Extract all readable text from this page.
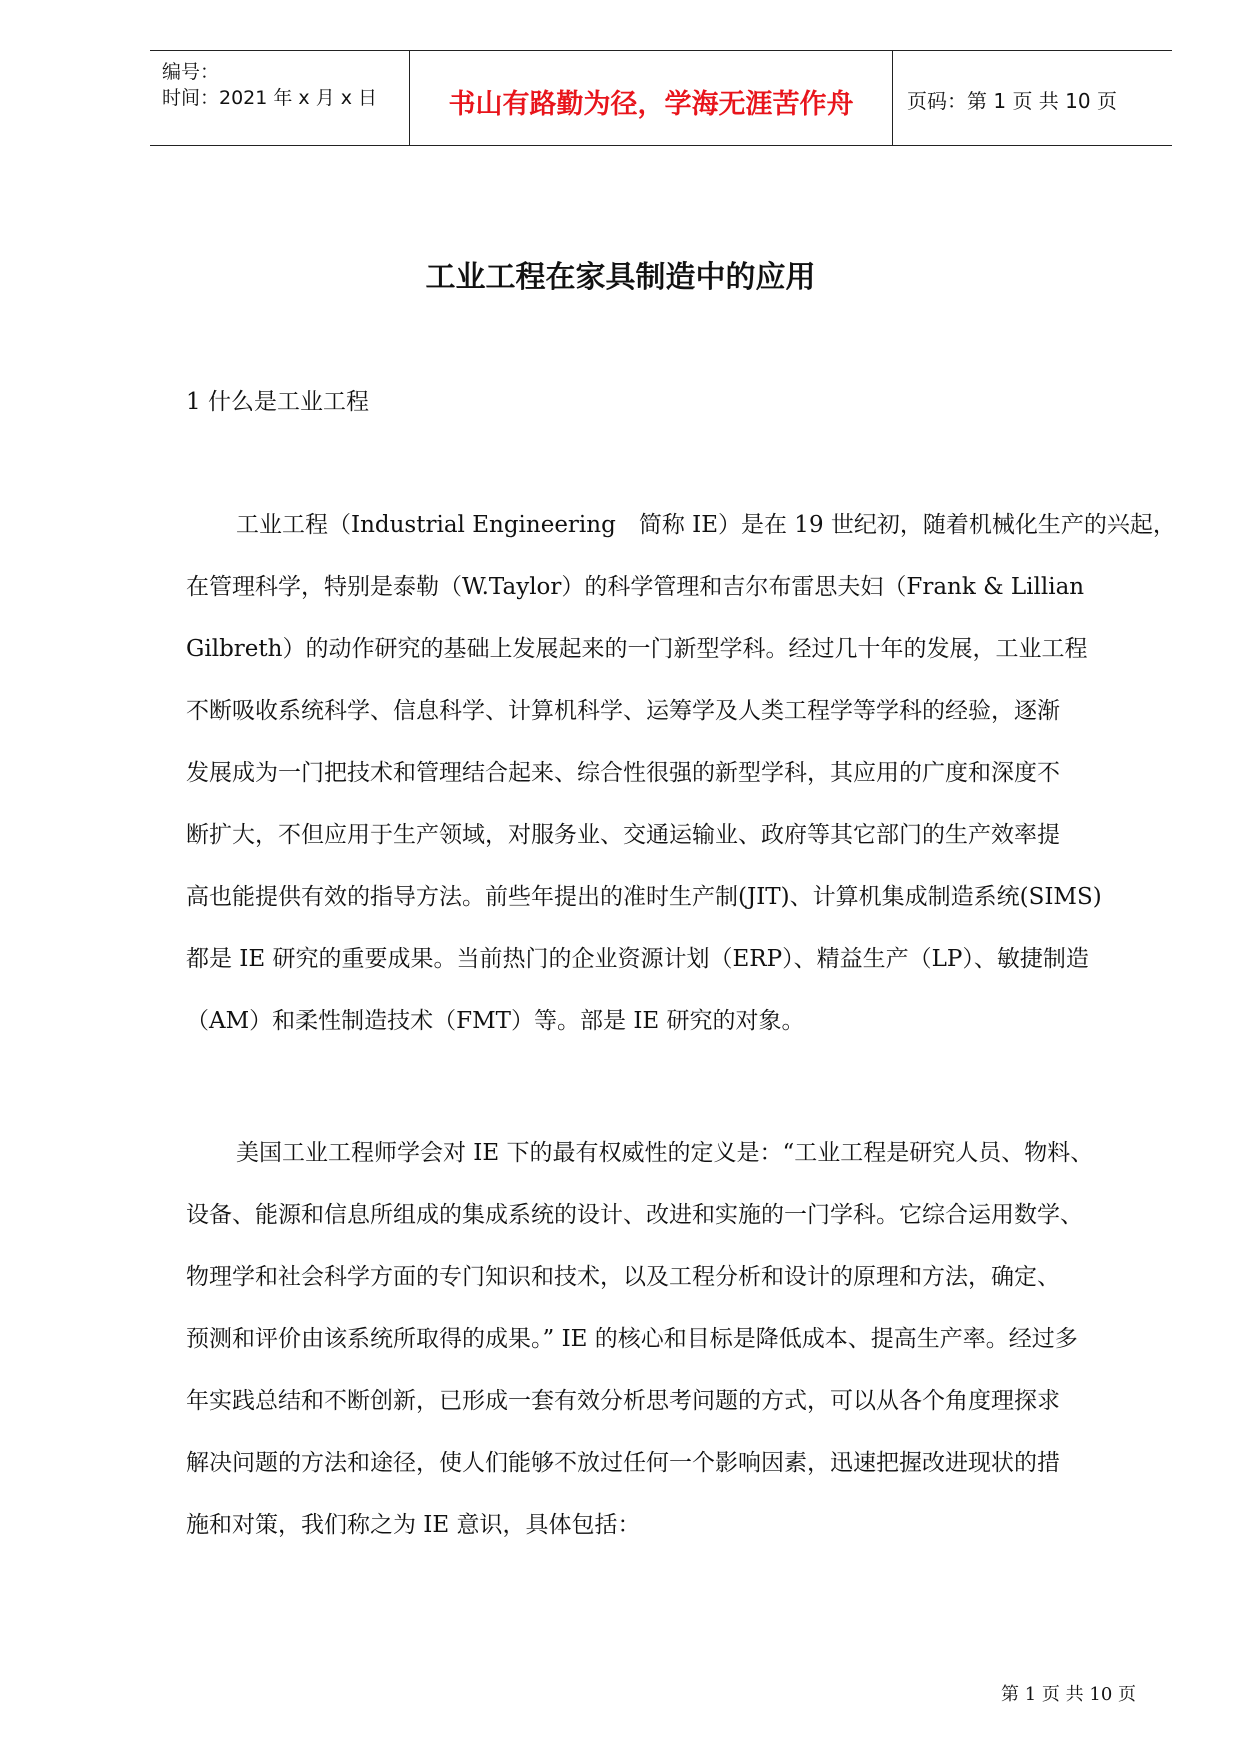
编号：
时间：2021 年 x 月 x 日	书山有路勤为径，学海无涯苦作舟	页码：第 1 页 共 10 页
工业工程在家具制造中的应用
1 什么是工业工程

工业工程（Industrial Engineering　简称 IE）是在 19 世纪初，随着机械化生产的兴起，
在管理科学，特别是泰勒（W.Taylor）的科学管理和吉尔布雷思夫妇（Frank & Lillian
Gilbreth）的动作研究的基础上发展起来的一门新型学科。经过几十年的发展，工业工程
不断吸收系统科学、信息科学、计算机科学、运筹学及人类工程学等学科的经验，逐渐
发展成为一门把技术和管理结合起来、综合性很强的新型学科，其应用的广度和深度不
断扩大，不但应用于生产领域，对服务业、交通运输业、政府等其它部门的生产效率提
高也能提供有效的指导方法。前些年提出的准时生产制(JIT)、计算机集成制造系统(SIMS)
都是 IE 研究的重要成果。当前热门的企业资源计划（ERP）、精益生产（LP）、敏捷制造
（AM）和柔性制造技术（FMT）等。部是 IE 研究的对象。

美国工业工程师学会对 IE 下的最有权威性的定义是：“工业工程是研究人员、物料、
设备、能源和信息所组成的集成系统的设计、改进和实施的一门学科。它综合运用数学、
物理学和社会科学方面的专门知识和技术，以及工程分析和设计的原理和方法，确定、
预测和评价由该系统所取得的成果。” IE 的核心和目标是降低成本、提高生产率。经过多
年实践总结和不断创新，已形成一套有效分析思考问题的方式，可以从各个角度理探求
解决问题的方法和途径，使人们能够不放过任何一个影响因素，迅速把握改进现状的措
施和对策，我们称之为 IE 意识，具体包括：

第 1 页 共 10 页
